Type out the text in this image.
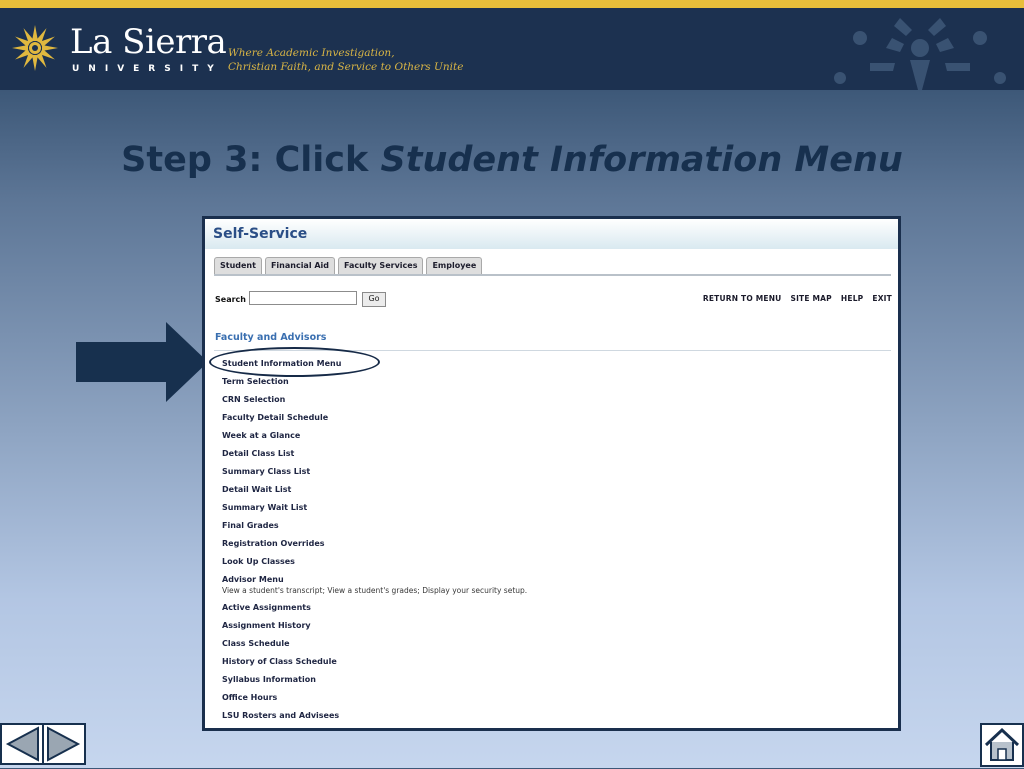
La Sierra
UNIVERSITY
Where Academic Investigation,
Christian Faith, and Service to Others Unite
Step 3: Click Student Information Menu
Self-Service
Student	Financial Aid	Faculty Services	Employee
Search	Go	RETURN TO MENU SITE MAP HELP EXIT
Faculty and Advisors
Student Information Menu
Term Selection
CRN Selection
Faculty Detail Schedule
Week at a Glance
Detail Class List
Summary Class List
Detail Wait List
Summary Wait List
Final Grades
Registration Overrides
Look Up Classes
Advisor Menu
View a student's transcript; View a student's grades; Display your security setup.
Active Assignments
Assignment History
Class Schedule
History of Class Schedule
Syllabus Information
Office Hours
LSU Rosters and Advisees
